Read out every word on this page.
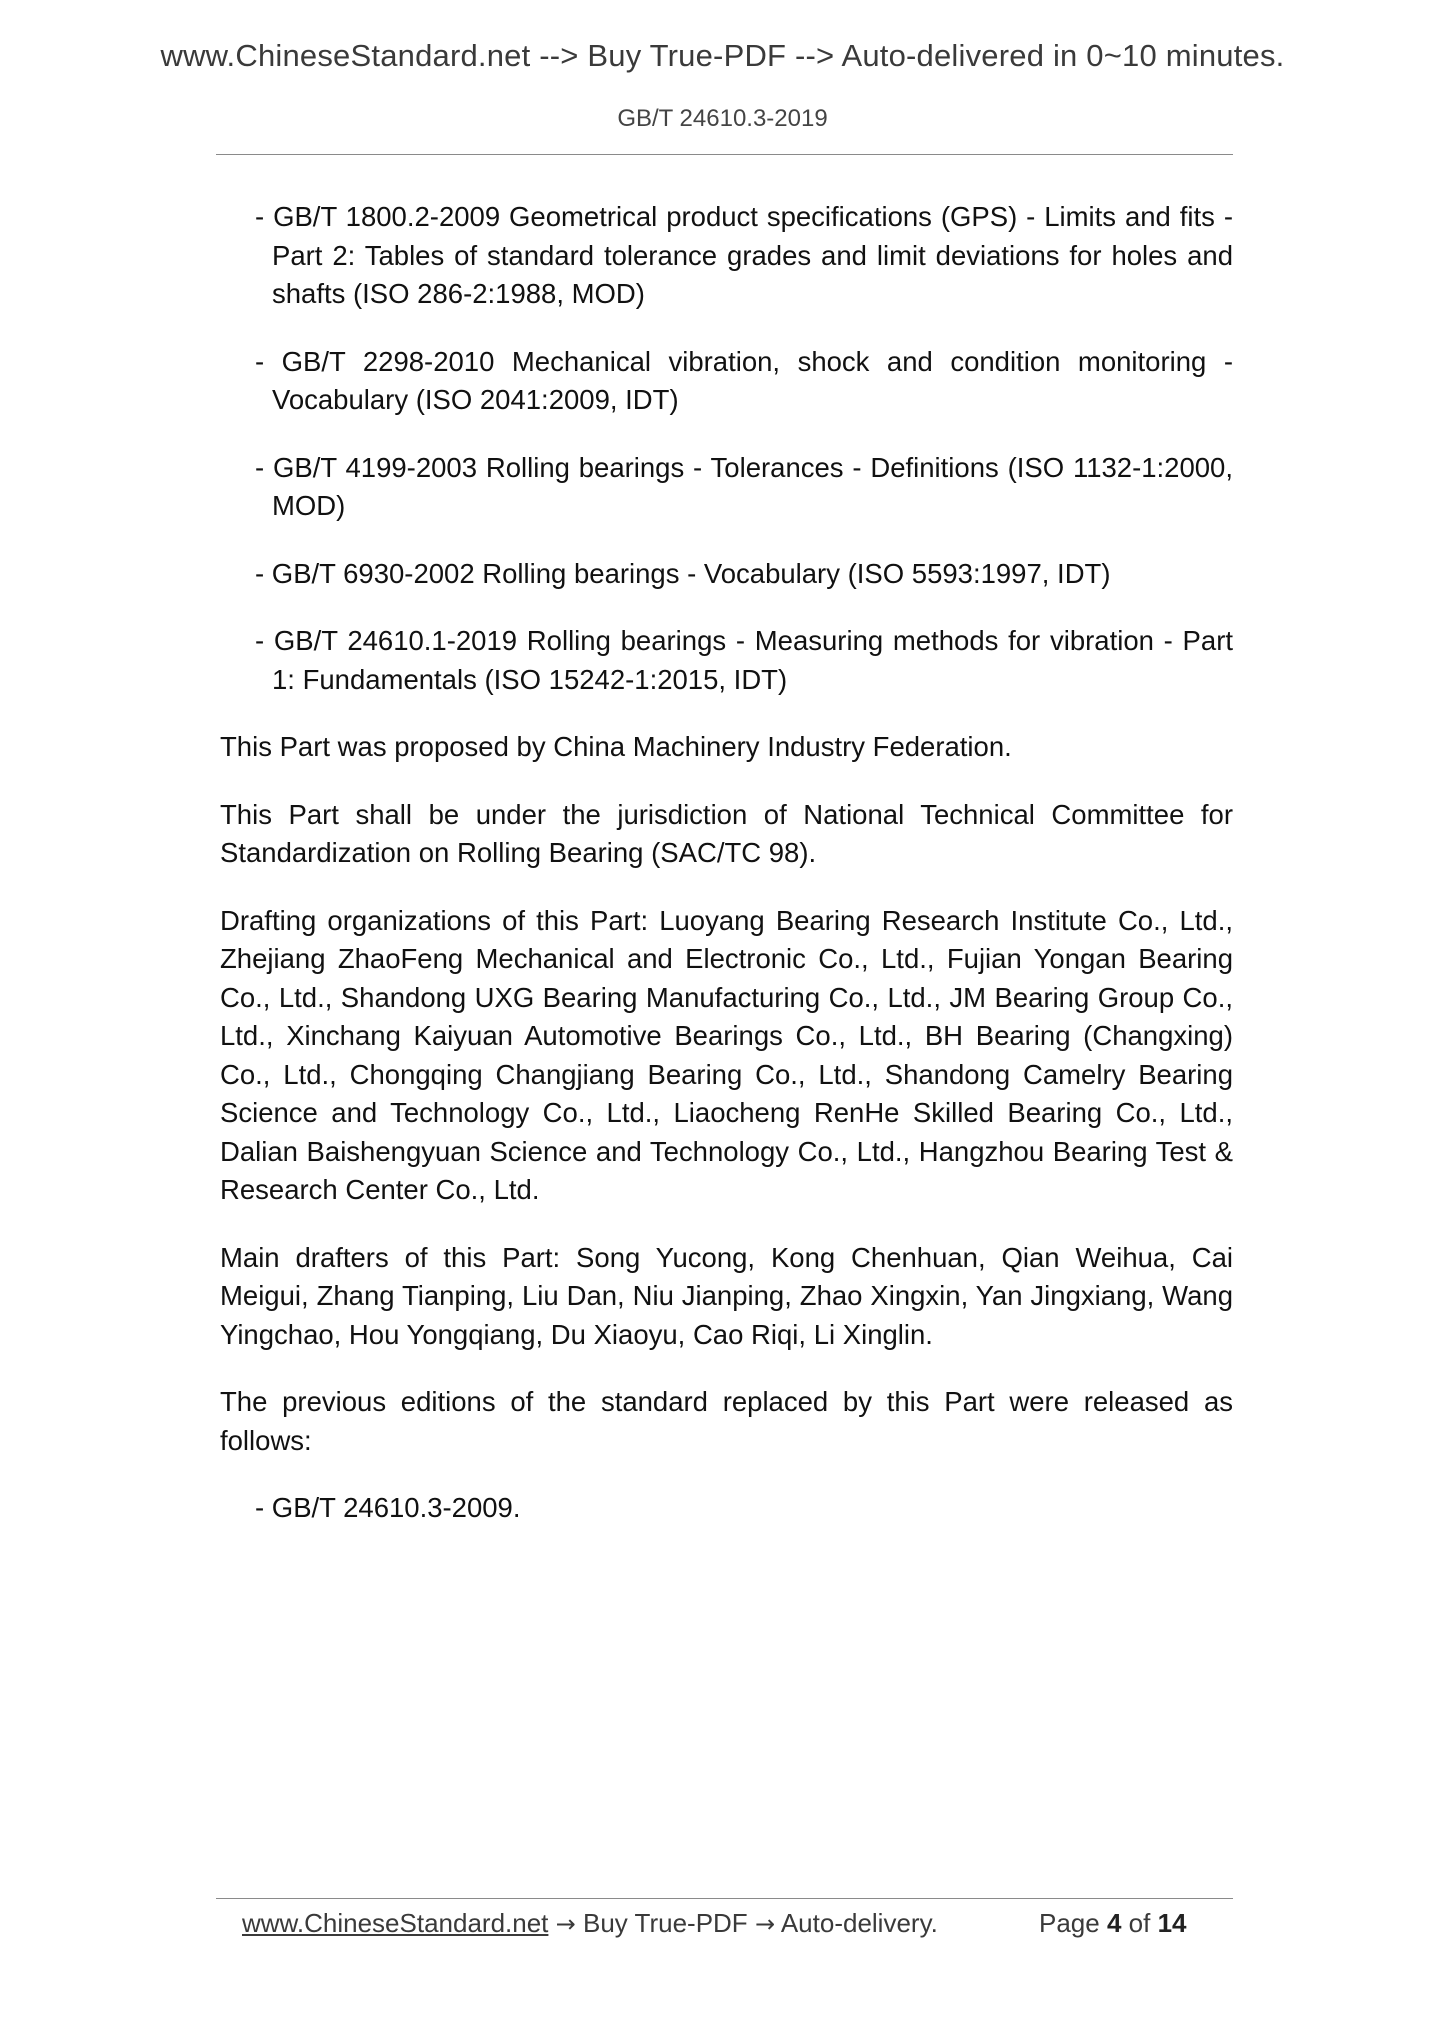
www.ChineseStandard.net --> Buy True-PDF --> Auto-delivered in 0~10 minutes.
GB/T 24610.3-2019
- GB/T 1800.2-2009 Geometrical product specifications (GPS) - Limits and fits - Part 2: Tables of standard tolerance grades and limit deviations for holes and shafts (ISO 286-2:1988, MOD)
- GB/T 2298-2010 Mechanical vibration, shock and condition monitoring - Vocabulary (ISO 2041:2009, IDT)
- GB/T 4199-2003 Rolling bearings - Tolerances - Definitions (ISO 1132-1:2000, MOD)
- GB/T 6930-2002 Rolling bearings - Vocabulary (ISO 5593:1997, IDT)
- GB/T 24610.1-2019 Rolling bearings - Measuring methods for vibration - Part 1: Fundamentals (ISO 15242-1:2015, IDT)

This Part was proposed by China Machinery Industry Federation.

This Part shall be under the jurisdiction of National Technical Committee for Standardization on Rolling Bearing (SAC/TC 98).

Drafting organizations of this Part: Luoyang Bearing Research Institute Co., Ltd., Zhejiang ZhaoFeng Mechanical and Electronic Co., Ltd., Fujian Yongan Bearing Co., Ltd., Shandong UXG Bearing Manufacturing Co., Ltd., JM Bearing Group Co., Ltd., Xinchang Kaiyuan Automotive Bearings Co., Ltd., BH Bearing (Changxing) Co., Ltd., Chongqing Changjiang Bearing Co., Ltd., Shandong Camelry Bearing Science and Technology Co., Ltd., Liaocheng RenHe Skilled Bearing Co., Ltd., Dalian Baishengyuan Science and Technology Co., Ltd., Hangzhou Bearing Test & Research Center Co., Ltd.

Main drafters of this Part: Song Yucong, Kong Chenhuan, Qian Weihua, Cai Meigui, Zhang Tianping, Liu Dan, Niu Jianping, Zhao Xingxin, Yan Jingxiang, Wang Yingchao, Hou Yongqiang, Du Xiaoyu, Cao Riqi, Li Xinglin.

The previous editions of the standard replaced by this Part were released as follows:

- GB/T 24610.3-2009.
www.ChineseStandard.net → Buy True-PDF → Auto-delivery.	Page 4 of 14
